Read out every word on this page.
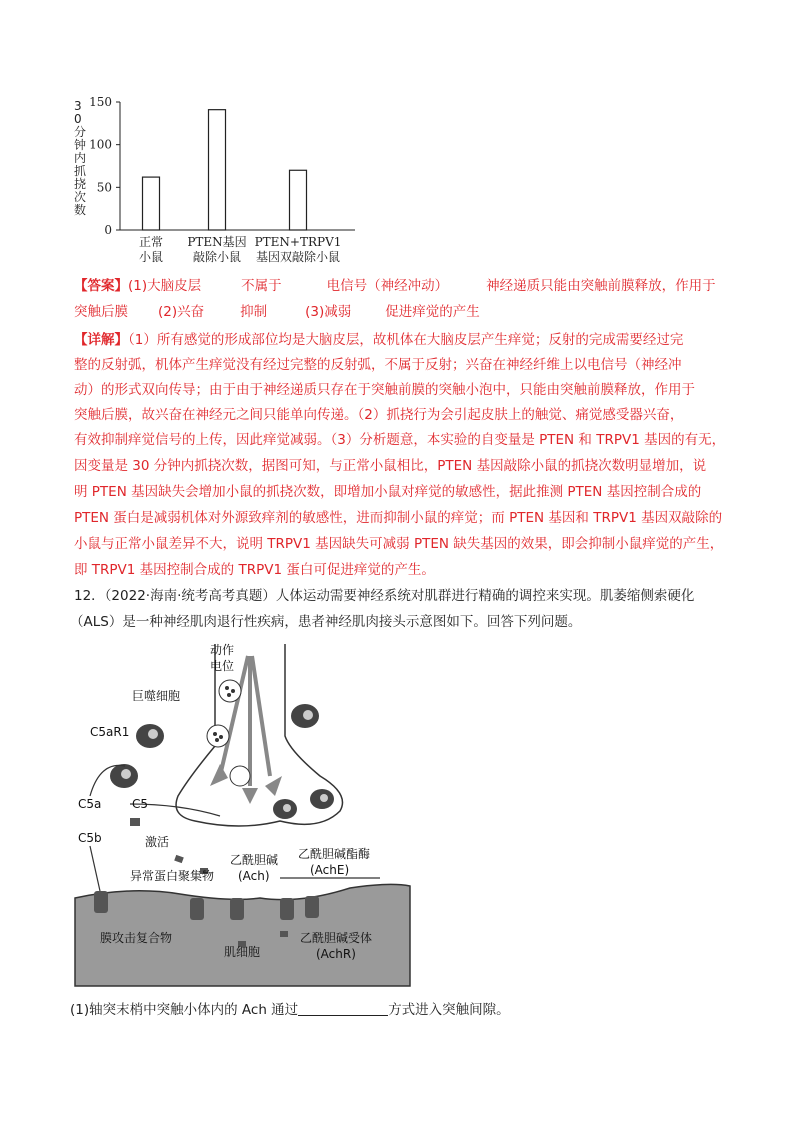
3
0
分
钟
内
抓
挠
次
数
150
100
50
0
正常
小鼠
PTEN基因
敲除小鼠
PTEN+TRPV1
基因双敲除小鼠
【答案】(1)大脑皮层	不属于	电信号（神经冲动）	神经递质只能由突触前膜释放，作用于
突触后膜 (2)兴奋	抑制	(3)减弱	促进痒觉的产生
【详解】（1）所有感觉的形成部位均是大脑皮层，故机体在大脑皮层产生痒觉；反射的完成需要经过完
整的反射弧，机体产生痒觉没有经过完整的反射弧，不属于反射；兴奋在神经纤维上以电信号（神经冲
动）的形式双向传导；由于由于神经递质只存在于突触前膜的突触小泡中，只能由突触前膜释放，作用于
突触后膜，故兴奋在神经元之间只能单向传递。（2）抓挠行为会引起皮肤上的触觉、痛觉感受器兴奋，
有效抑制痒觉信号的上传，因此痒觉减弱。（3）分析题意，本实验的自变量是 PTEN 和 TRPV1 基因的有无，
因变量是 30 分钟内抓挠次数，据图可知，与正常小鼠相比，PTEN 基因敲除小鼠的抓挠次数明显增加，说
明 PTEN 基因缺失会增加小鼠的抓挠次数，即增加小鼠对痒觉的敏感性，据此推测 PTEN 基因控制合成的
PTEN 蛋白是减弱机体对外源致痒剂的敏感性，进而抑制小鼠的痒觉；而 PTEN 基因和 TRPV1 基因双敲除的
小鼠与正常小鼠差异不大，说明 TRPV1 基因缺失可减弱 PTEN 缺失基因的效果，即会抑制小鼠痒觉的产生，
即 TRPV1 基因控制合成的 TRPV1 蛋白可促进痒觉的产生。
12．（2022·海南·统考高考真题）人体运动需要神经系统对肌群进行精确的调控来实现。肌萎缩侧索硬化
（ALS）是一种神经肌肉退行性疾病，患者神经肌肉接头示意图如下。回答下列问题。
动作
电位
巨噬细胞
C5aR1
C5a	C5
C5b	激活
乙酰胆碱酯酶
(AchE)
乙酰胆碱
(Ach)
异常蛋白聚集物
膜攻击复合物
肌细胞
乙酰胆碱受体
(AchR)
(1)轴突末梢中突触小体内的 Ach 通过	方式进入突触间隙。
